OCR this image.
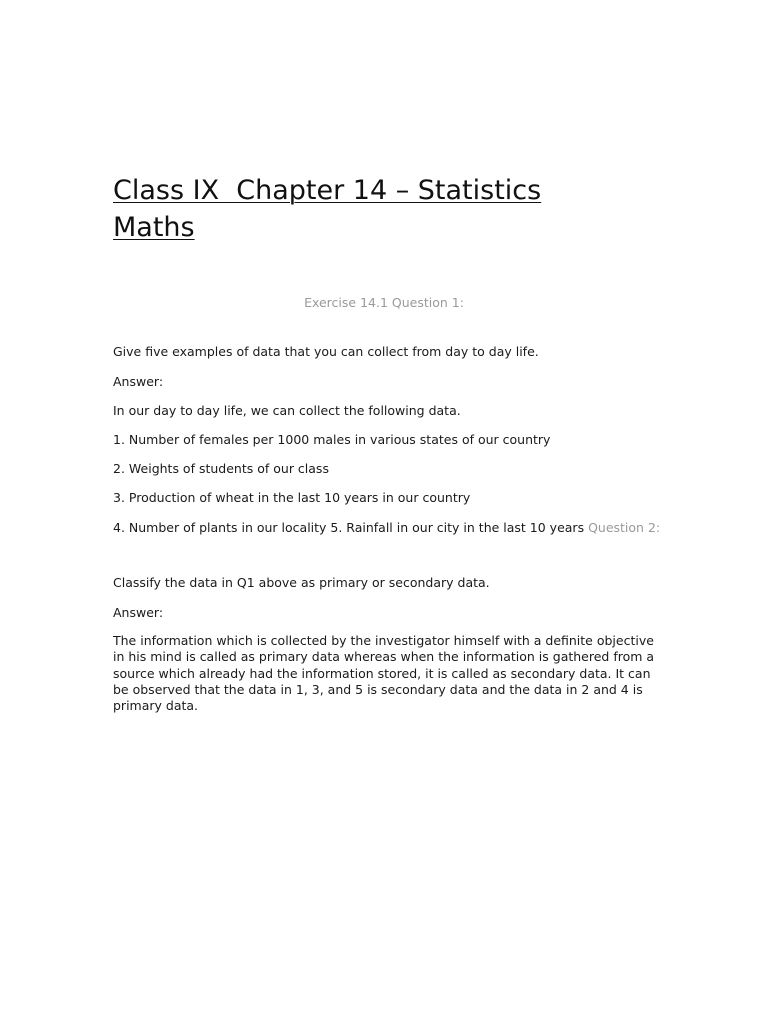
Class IX  Chapter 14 – Statistics
Maths
Exercise 14.1 Question 1:

Give five examples of data that you can collect from day to day life.

Answer:

In our day to day life, we can collect the following data.

1. Number of females per 1000 males in various states of our country
2. Weights of students of our class
3. Production of wheat in the last 10 years in our country
4. Number of plants in our locality 5. Rainfall in our city in the last 10 years Question 2:

Classify the data in Q1 above as primary or secondary data.

Answer:

The information which is collected by the investigator himself with a definite objective in his mind is called as primary data whereas when the information is gathered from a source which already had the information stored, it is called as secondary data. It can be observed that the data in 1, 3, and 5 is secondary data and the data in 2 and 4 is primary data.
